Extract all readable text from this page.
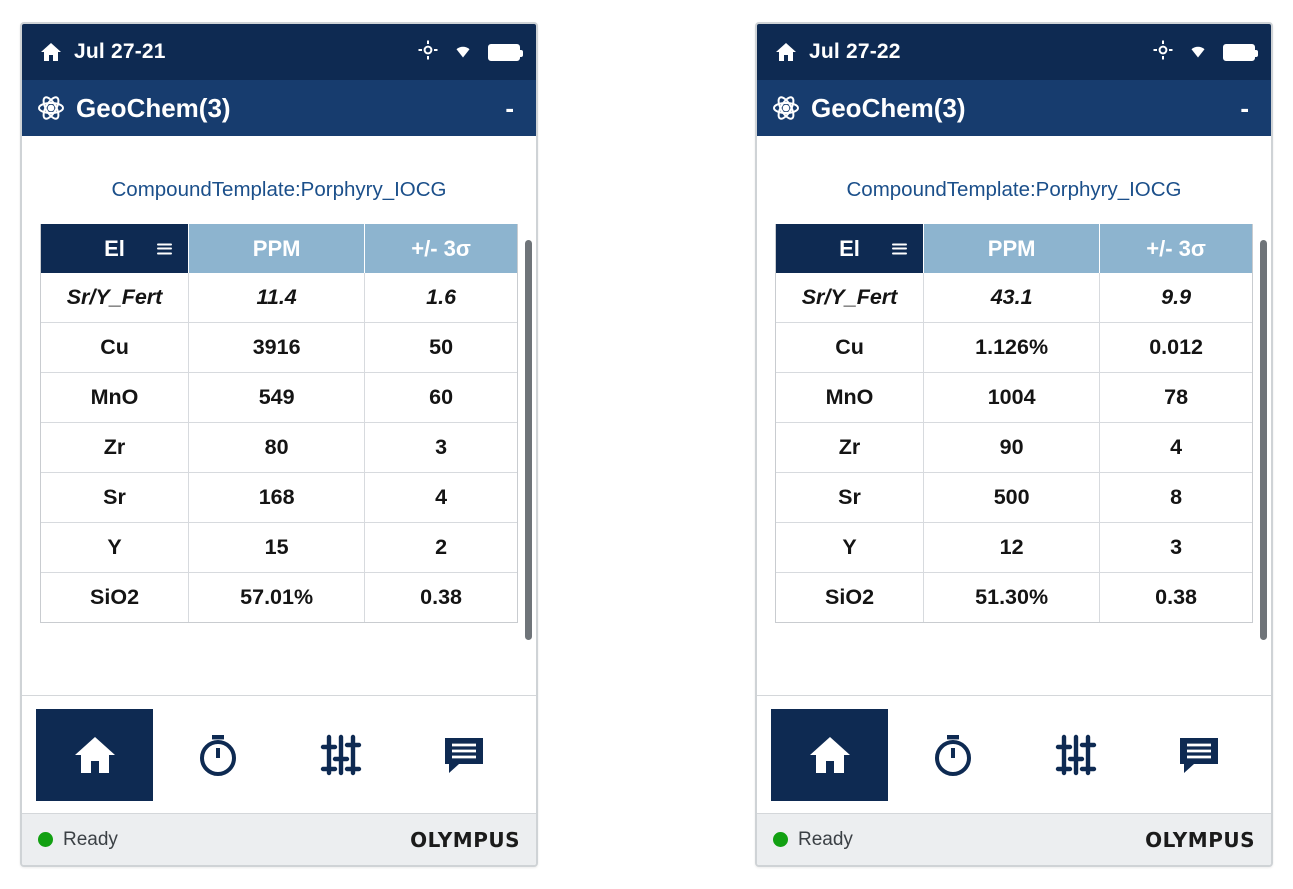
Jul 27-21
GeoChem(3)	-
CompoundTemplate:Porphyry_IOCG
El	PPM	+/- 3σ
Sr/Y_Fert	11.4	1.6
Cu	3916	50
MnO	549	60
Zr	80	3
Sr	168	4
Y	15	2
SiO2	57.01%	0.38
Ready	OLYMPUS
Jul 27-22
GeoChem(3)	-
CompoundTemplate:Porphyry_IOCG
El	PPM	+/- 3σ
Sr/Y_Fert	43.1	9.9
Cu	1.126%	0.012
MnO	1004	78
Zr	90	4
Sr	500	8
Y	12	3
SiO2	51.30%	0.38
Ready	OLYMPUS
